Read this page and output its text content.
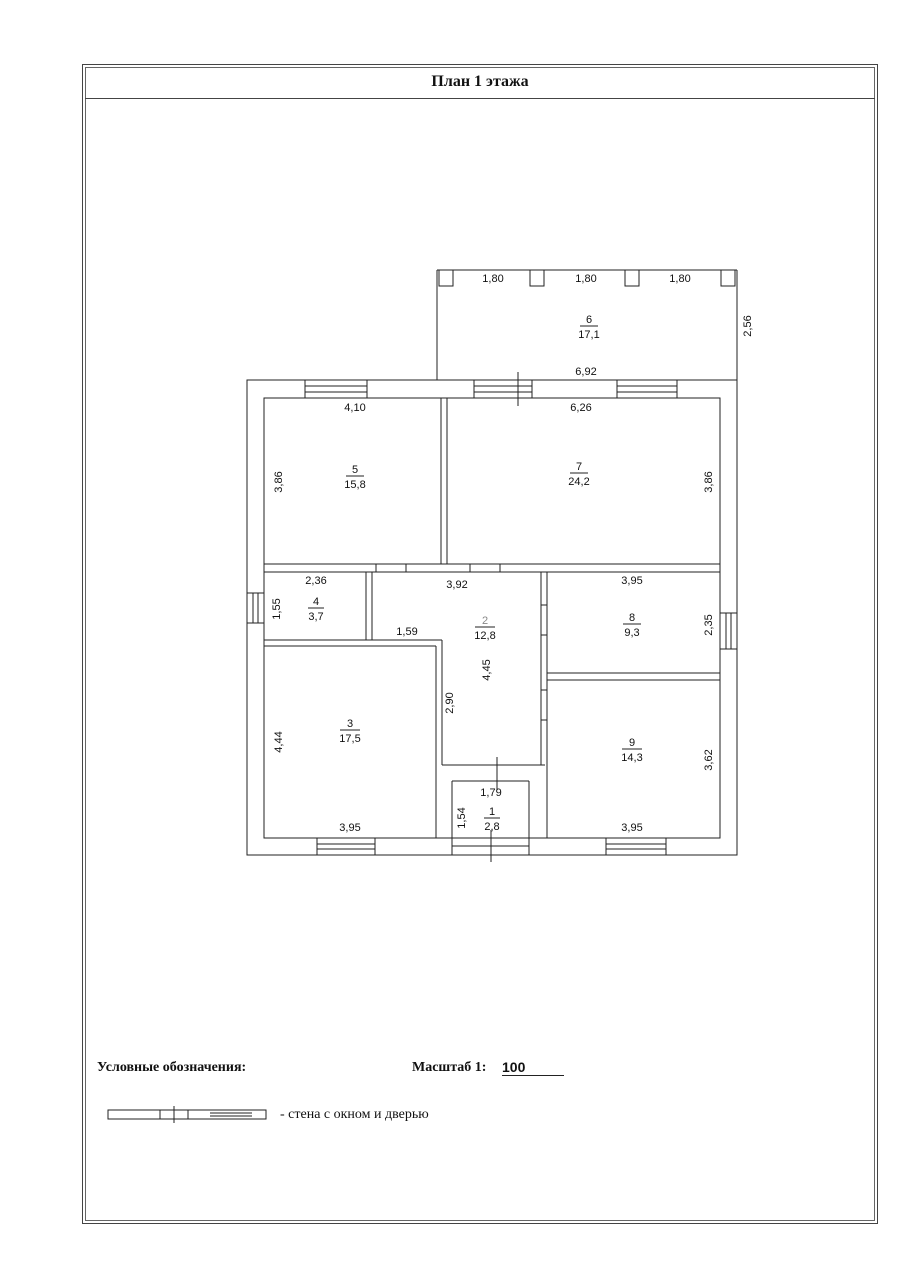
План 1 этажа
6
17,1
5
15,8
7
24,2
4
3,7	2
12,8
8
9,3
3
17,5	9
14,3
1
2,8
1,80	1,80	1,80
2,56
6,92
4,10
3,86
6,26
3,86
2,36
1,55
3,92
1,59
4,45
2,90
3,95
2,35
4,44
3,95
1,79
1,54
3,62
3,95
Условные обозначения:	Масштаб 1: 100
- стена с окном и дверью
